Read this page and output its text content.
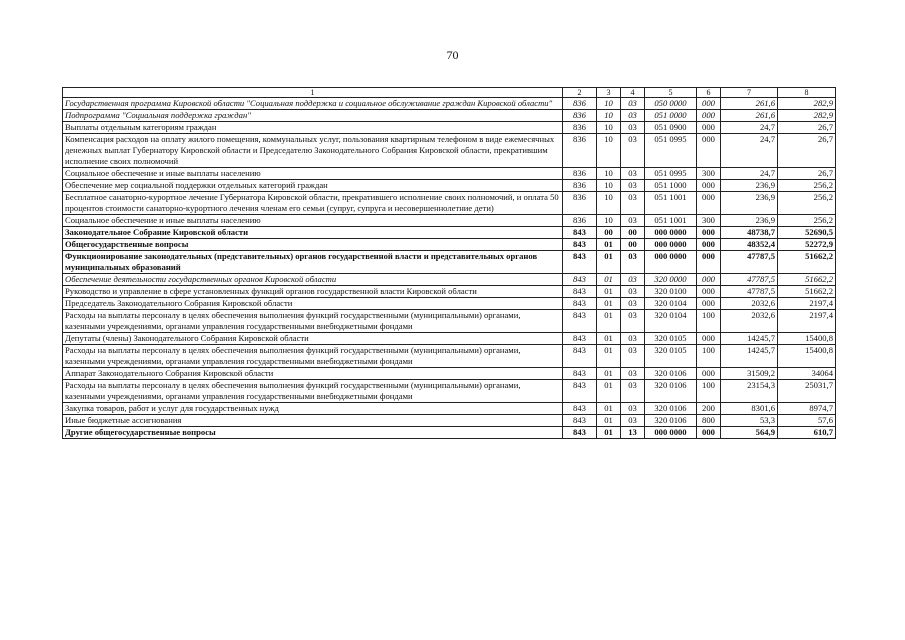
70
1	2	3	4	5	6	7	8
Государственная программа Кировской области "Социальная поддержка и социальное обслуживание граждан Кировской области"	836	10	03	050 0000	000	261,6	282,9
Подпрограмма "Социальная поддержка граждан"	836	10	03	051 0000	000	261,6	282,9
Выплаты отдельным категориям граждан	836	10	03	051 0900	000	24,7	26,7
Компенсация расходов на оплату жилого помещения, коммунальных услуг, пользования квартирным телефоном в виде ежемесячных денежных выплат Губернатору Кировской области и Председателю Законодательного Собрания Кировской области, прекратившим исполнение своих полномочий	836	10	03	051 0995	000	24,7	26,7
Социальное обеспечение и иные выплаты населению	836	10	03	051 0995	300	24,7	26,7
Обеспечение мер социальной поддержки отдельных категорий граждан	836	10	03	051 1000	000	236,9	256,2
Бесплатное санаторно-курортное лечение Губернатора Кировской области, прекратившего исполнение своих полномочий, и оплата 50 процентов стоимости санаторно-курортного лечения членам его семьи (супруг, супруга и несовершеннолетние дети)	836	10	03	051 1001	000	236,9	256,2
Социальное обеспечение и иные выплаты населению	836	10	03	051 1001	300	236,9	256,2
Законодательное Собрание Кировской области	843	00	00	000 0000	000	48738,7	52690,5
Общегосударственные вопросы	843	01	00	000 0000	000	48352,4	52272,9
Функционирование законодательных (представительных) органов государственной власти и представительных органов муниципальных образований	843	01	03	000 0000	000	47787,5	51662,2
Обеспечение деятельности государственных органов Кировской области	843	01	03	320 0000	000	47787,5	51662,2
Руководство и управление в сфере установленных функций органов государственной власти Кировской области	843	01	03	320 0100	000	47787,5	51662,2
Председатель Законодательного Собрания Кировской области	843	01	03	320 0104	000	2032,6	2197,4
Расходы на выплаты персоналу в целях обеспечения выполнения функций государственными (муниципальными) органами, казенными учреждениями, органами управления государственными внебюджетными фондами	843	01	03	320 0104	100	2032,6	2197,4
Депутаты (члены) Законодательного Собрания Кировской области	843	01	03	320 0105	000	14245,7	15400,8
Расходы на выплаты персоналу в целях обеспечения выполнения функций государственными (муниципальными) органами, казенными учреждениями, органами управления государственными внебюджетными фондами	843	01	03	320 0105	100	14245,7	15400,8
Аппарат Законодательного Собрания Кировской области	843	01	03	320 0106	000	31509,2	34064
Расходы на выплаты персоналу в целях обеспечения выполнения функций государственными (муниципальными) органами, казенными учреждениями, органами управления государственными внебюджетными фондами	843	01	03	320 0106	100	23154,3	25031,7
Закупка товаров, работ и услуг для государственных нужд	843	01	03	320 0106	200	8301,6	8974,7
Иные бюджетные ассигнования	843	01	03	320 0106	800	53,3	57,6
Другие общегосударственные вопросы	843	01	13	000 0000	000	564,9	610,7
